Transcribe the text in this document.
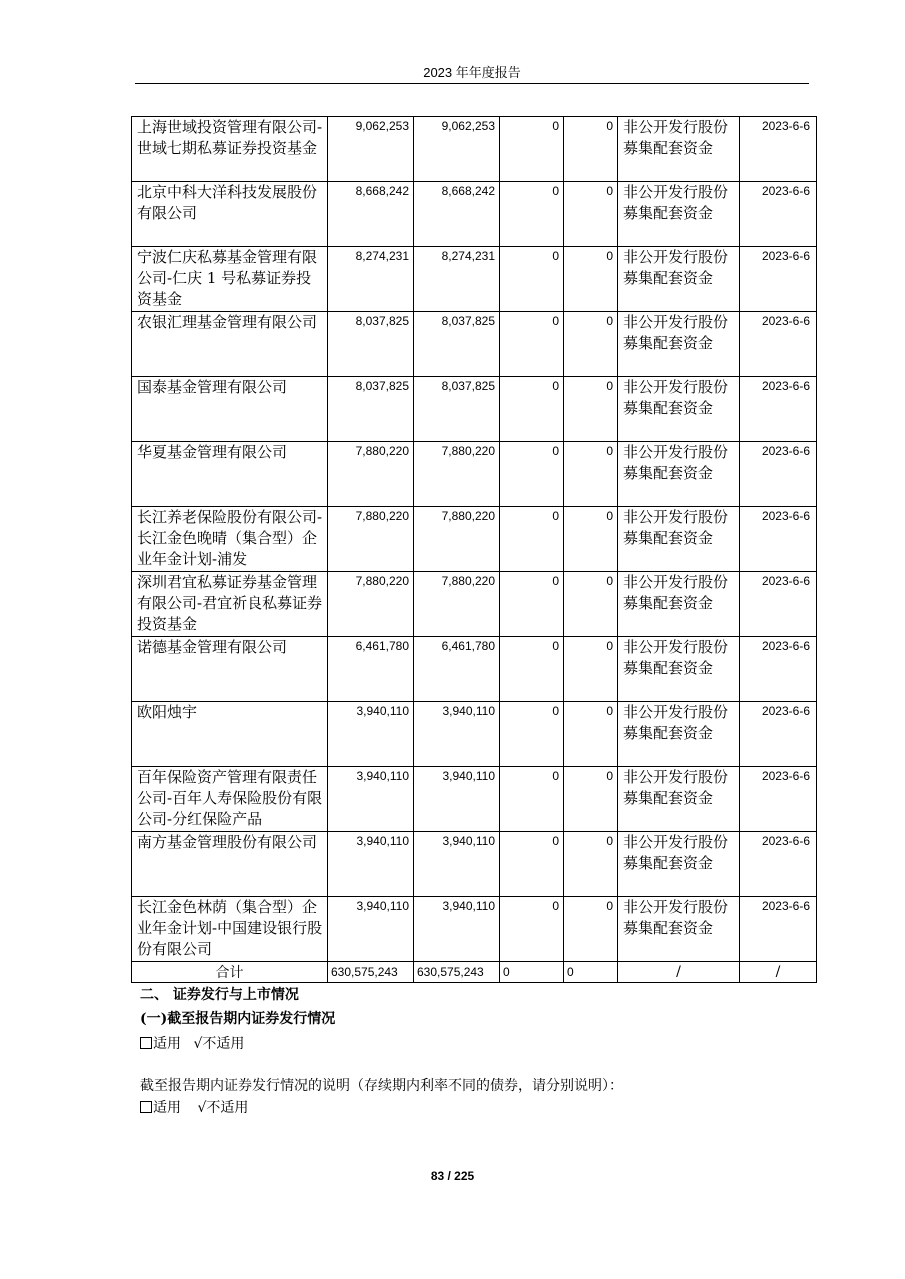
2023 年年度报告
上海世域投资管理有限公司-世域七期私募证券投资基金	9,062,253	9,062,253	0	0	非公开发行股份募集配套资金	2023-6-6
北京中科大洋科技发展股份有限公司	8,668,242	8,668,242	0	0	非公开发行股份募集配套资金	2023-6-6
宁波仁庆私募基金管理有限公司-仁庆 1 号私募证券投资基金	8,274,231	8,274,231	0	0	非公开发行股份募集配套资金	2023-6-6
农银汇理基金管理有限公司	8,037,825	8,037,825	0	0	非公开发行股份募集配套资金	2023-6-6
国泰基金管理有限公司	8,037,825	8,037,825	0	0	非公开发行股份募集配套资金	2023-6-6
华夏基金管理有限公司	7,880,220	7,880,220	0	0	非公开发行股份募集配套资金	2023-6-6
长江养老保险股份有限公司-长江金色晚晴（集合型）企业年金计划-浦发	7,880,220	7,880,220	0	0	非公开发行股份募集配套资金	2023-6-6
深圳君宜私募证券基金管理有限公司-君宜祈良私募证券投资基金	7,880,220	7,880,220	0	0	非公开发行股份募集配套资金	2023-6-6
诺德基金管理有限公司	6,461,780	6,461,780	0	0	非公开发行股份募集配套资金	2023-6-6
欧阳烛宇	3,940,110	3,940,110	0	0	非公开发行股份募集配套资金	2023-6-6
百年保险资产管理有限责任公司-百年人寿保险股份有限公司-分红保险产品	3,940,110	3,940,110	0	0	非公开发行股份募集配套资金	2023-6-6
南方基金管理股份有限公司	3,940,110	3,940,110	0	0	非公开发行股份募集配套资金	2023-6-6
长江金色林荫（集合型）企业年金计划-中国建设银行股份有限公司	3,940,110	3,940,110	0	0	非公开发行股份募集配套资金	2023-6-6
合计	630,575,243	630,575,243	0	0	/	/
二、 证券发行与上市情况
(一)截至报告期内证券发行情况
适用 √不适用
截至报告期内证券发行情况的说明（存续期内利率不同的债券，请分别说明）：
适用 √不适用
83 / 225
